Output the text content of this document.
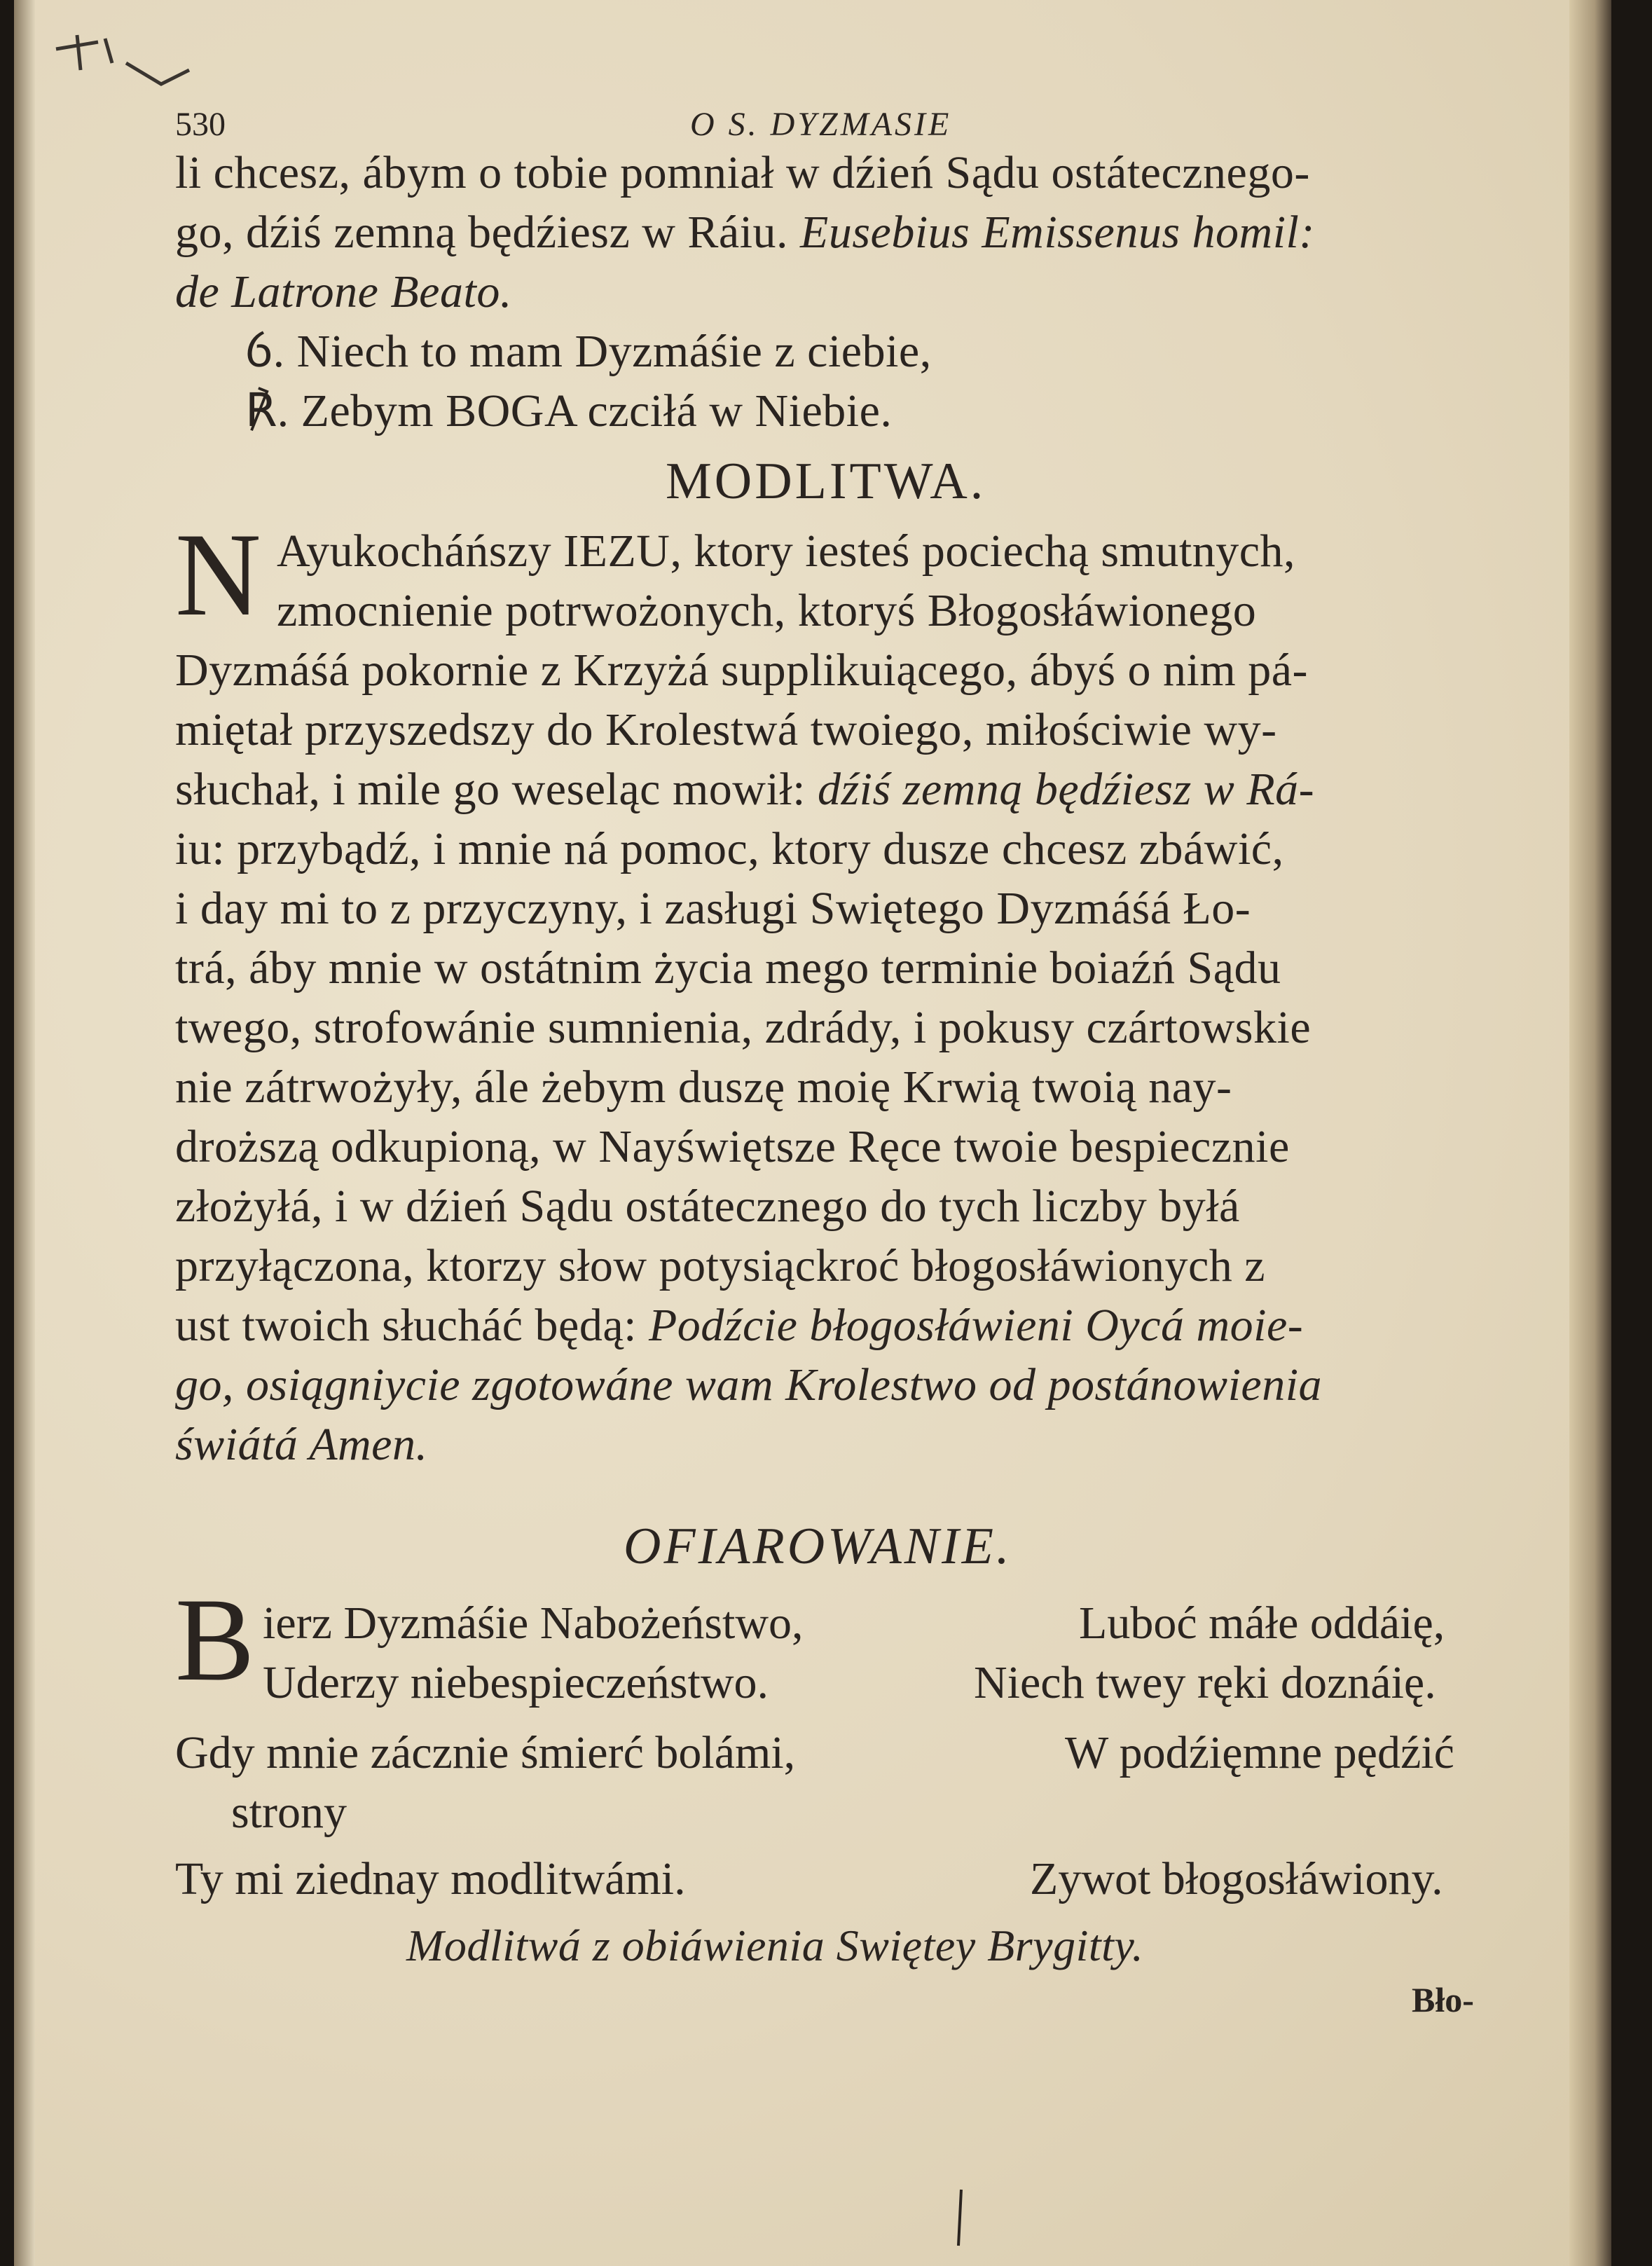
530	O S. DYZMASIE
li chcesz, ábym o tobie pomniał w dźień Sądu ostátecznego-
go, dźiś zemną będźiesz w Ráiu. Eusebius Emissenus homil:
de Latrone Beato.
ỽ. Niech to mam Dyzmáśie z ciebie,
℟. Zebym BOGA czciłá w Niebie.
MODLITWA.
N Ayukocháńszy IEZU, ktory iesteś pociechą smutnych,
zmocnienie potrwożonych, ktoryś Błogosłáwionego
Dyzmáśá pokornie z Krzyżá supplikuiącego, ábyś o nim pá-
miętał przyszedszy do Krolestwá twoiego, miłościwie wy-
słuchał, i mile go weseląc mowił: dźiś zemną będźiesz w Rá-
iu: przybądź, i mnie ná pomoc, ktory dusze chcesz zbáwić,
i day mi to z przyczyny, i zasługi Swiętego Dyzmáśá Ło-
trá, áby mnie w ostátnim życia mego terminie boiaźń Sądu
twego, strofowánie sumnienia, zdrády, i pokusy czártowskie
nie zátrwożyły, ále żebym duszę moię Krwią twoią nay-
droższą odkupioną, w Nayświętsze Ręce twoie bespiecznie
złożyłá, i w dźień Sądu ostátecznego do tych liczby byłá
przyłączona, ktorzy słow potysiąckroć błogosłáwionych z
ust twoich słucháć będą: Podźcie błogosłáwieni Oycá moie-
go, osiągniycie zgotowáne wam Krolestwo od postánowienia
świátá Amen.
OFIAROWANIE.
B ierz Dyzmáśie Nabożeństwo,	Luboć máłe oddáię,
Uderzy niebespieczeństwo.	Niech twey ręki doznáię.
Gdy mnie zácznie śmierć bolámi,	W podźięmne pędźić
strony
Ty mi ziednay modlitwámi.	Zywot błogosłáwiony.
Modlitwá z obiáwienia Swiętey Brygitty.
Bło-
